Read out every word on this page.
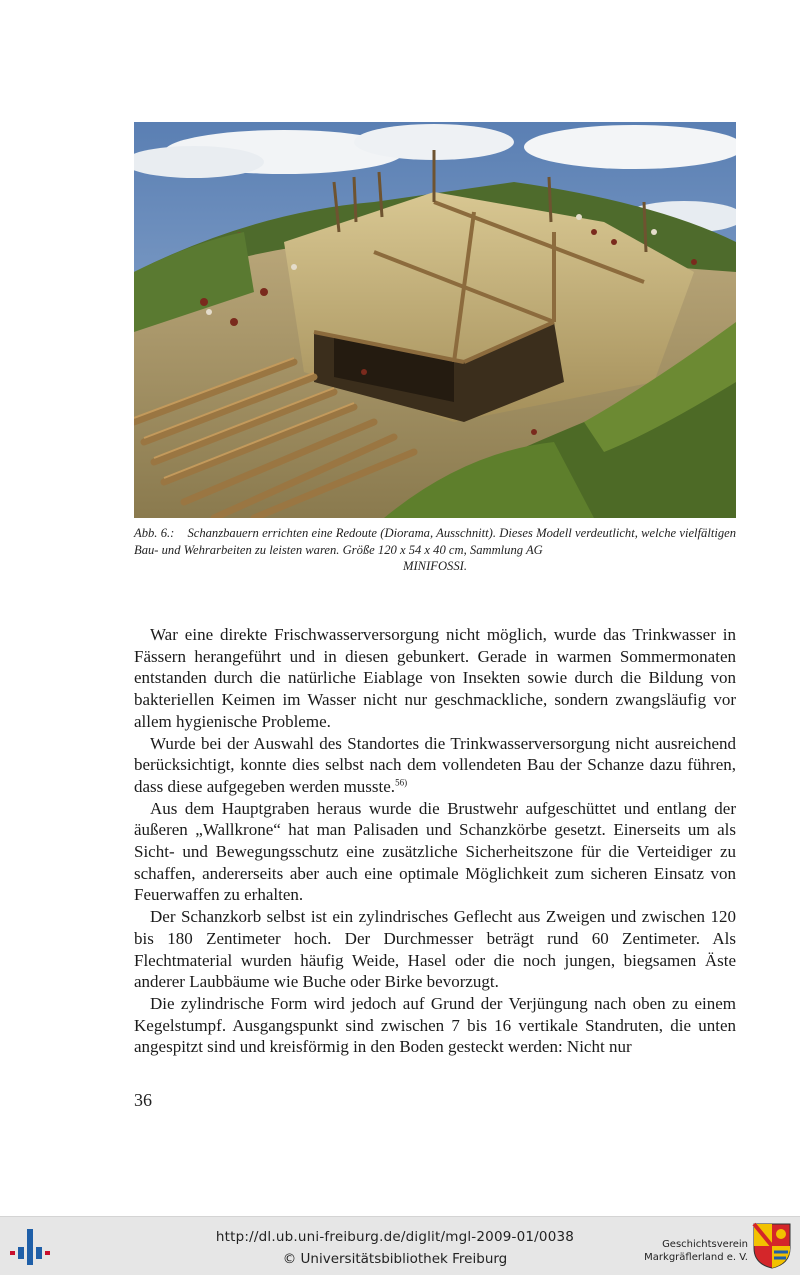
Abb. 6.: Schanzbauern errichten eine Redoute (Diorama, Ausschnitt). Dieses Modell verdeutlicht, welche vielfältigen Bau- und Wehrarbeiten zu leisten waren. Größe 120 x 54 x 40 cm, Sammlung AG
MINIFOSSI.

War eine direkte Frischwasserversorgung nicht möglich, wurde das Trinkwasser in Fässern herangeführt und in diesen gebunkert. Gerade in warmen Sommermonaten entstanden durch die natürliche Eiablage von Insekten sowie durch die Bildung von bakteriellen Keimen im Wasser nicht nur geschmackliche, sondern zwangsläufig vor allem hygienische Probleme.

Wurde bei der Auswahl des Standortes die Trinkwasserversorgung nicht ausreichend berücksichtigt, konnte dies selbst nach dem vollendeten Bau der Schanze dazu führen, dass diese aufgegeben werden musste.$^{56)}$

Aus dem Hauptgraben heraus wurde die Brustwehr aufgeschüttet und entlang der äußeren „Wallkrone“ hat man Palisaden und Schanzkörbe gesetzt. Einerseits um als Sicht- und Bewegungsschutz eine zusätzliche Sicherheitszone für die Verteidiger zu schaffen, andererseits aber auch eine optimale Möglichkeit zum sicheren Einsatz von Feuerwaffen zu erhalten.

Der Schanzkorb selbst ist ein zylindrisches Geflecht aus Zweigen und zwischen 120 bis 180 Zentimeter hoch. Der Durchmesser beträgt rund 60 Zentimeter. Als Flechtmaterial wurden häufig Weide, Hasel oder die noch jungen, biegsamen Äste anderer Laubbäume wie Buche oder Birke bevorzugt.

Die zylindrische Form wird jedoch auf Grund der Verjüngung nach oben zu einem Kegelstumpf. Ausgangspunkt sind zwischen 7 bis 16 vertikale Standruten, die unten angespitzt sind und kreisförmig in den Boden gesteckt werden: Nicht nur

36
http://dl.ub.uni-freiburg.de/diglit/mgl-2009-01/0038
© Universitätsbibliothek Freiburg
Geschichtsverein
Markgräflerland e. V.
